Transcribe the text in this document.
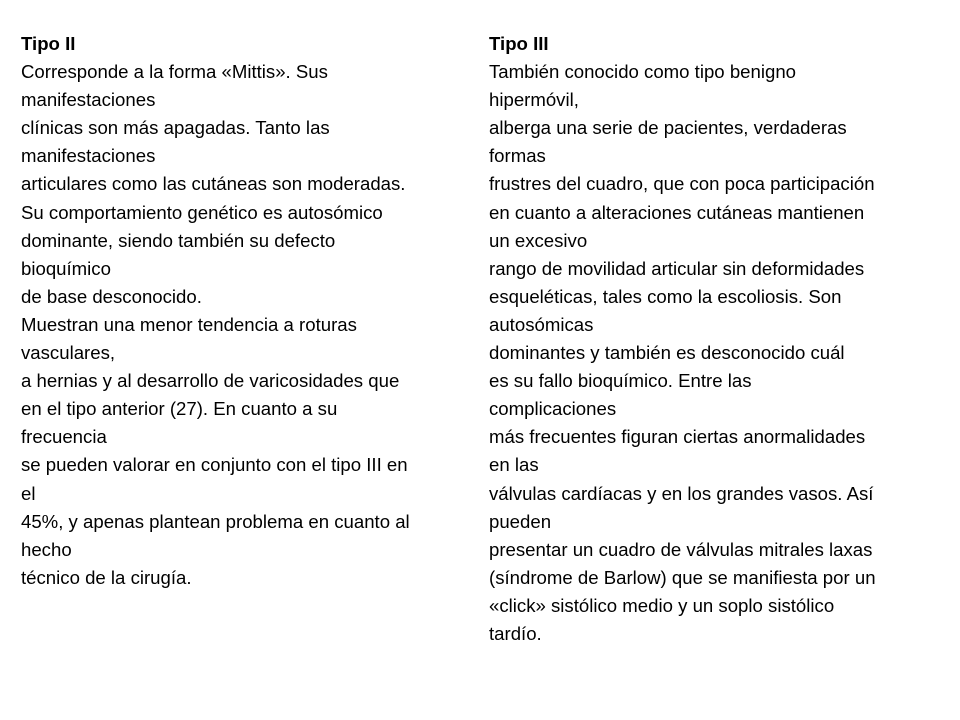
Tipo II
Corresponde a la forma «Mittis». Sus
manifestaciones
clínicas son más apagadas. Tanto las
manifestaciones
articulares como las cutáneas son moderadas.
Su comportamiento genético es autosómico
dominante, siendo también su defecto
bioquímico
de base desconocido.
Muestran una menor tendencia a roturas
vasculares,
a hernias y al desarrollo de varicosidades que
en el tipo anterior (27). En cuanto a su
frecuencia
se pueden valorar en conjunto con el tipo III en
el
45%, y apenas plantean problema en cuanto al
hecho
técnico de la cirugía.
Tipo III
También conocido como tipo benigno
hipermóvil,
alberga una serie de pacientes, verdaderas
formas
frustres del cuadro, que con poca participación
en cuanto a alteraciones cutáneas mantienen
un excesivo
rango de movilidad articular sin deformidades
esqueléticas, tales como la escoliosis. Son
autosómicas
dominantes y también es desconocido cuál
es su fallo bioquímico. Entre las
complicaciones
más frecuentes figuran ciertas anormalidades
en las
válvulas cardíacas y en los grandes vasos. Así
pueden
presentar un cuadro de válvulas mitrales laxas
(síndrome de Barlow) que se manifiesta por un
«click» sistólico medio y un soplo sistólico
tardío.
